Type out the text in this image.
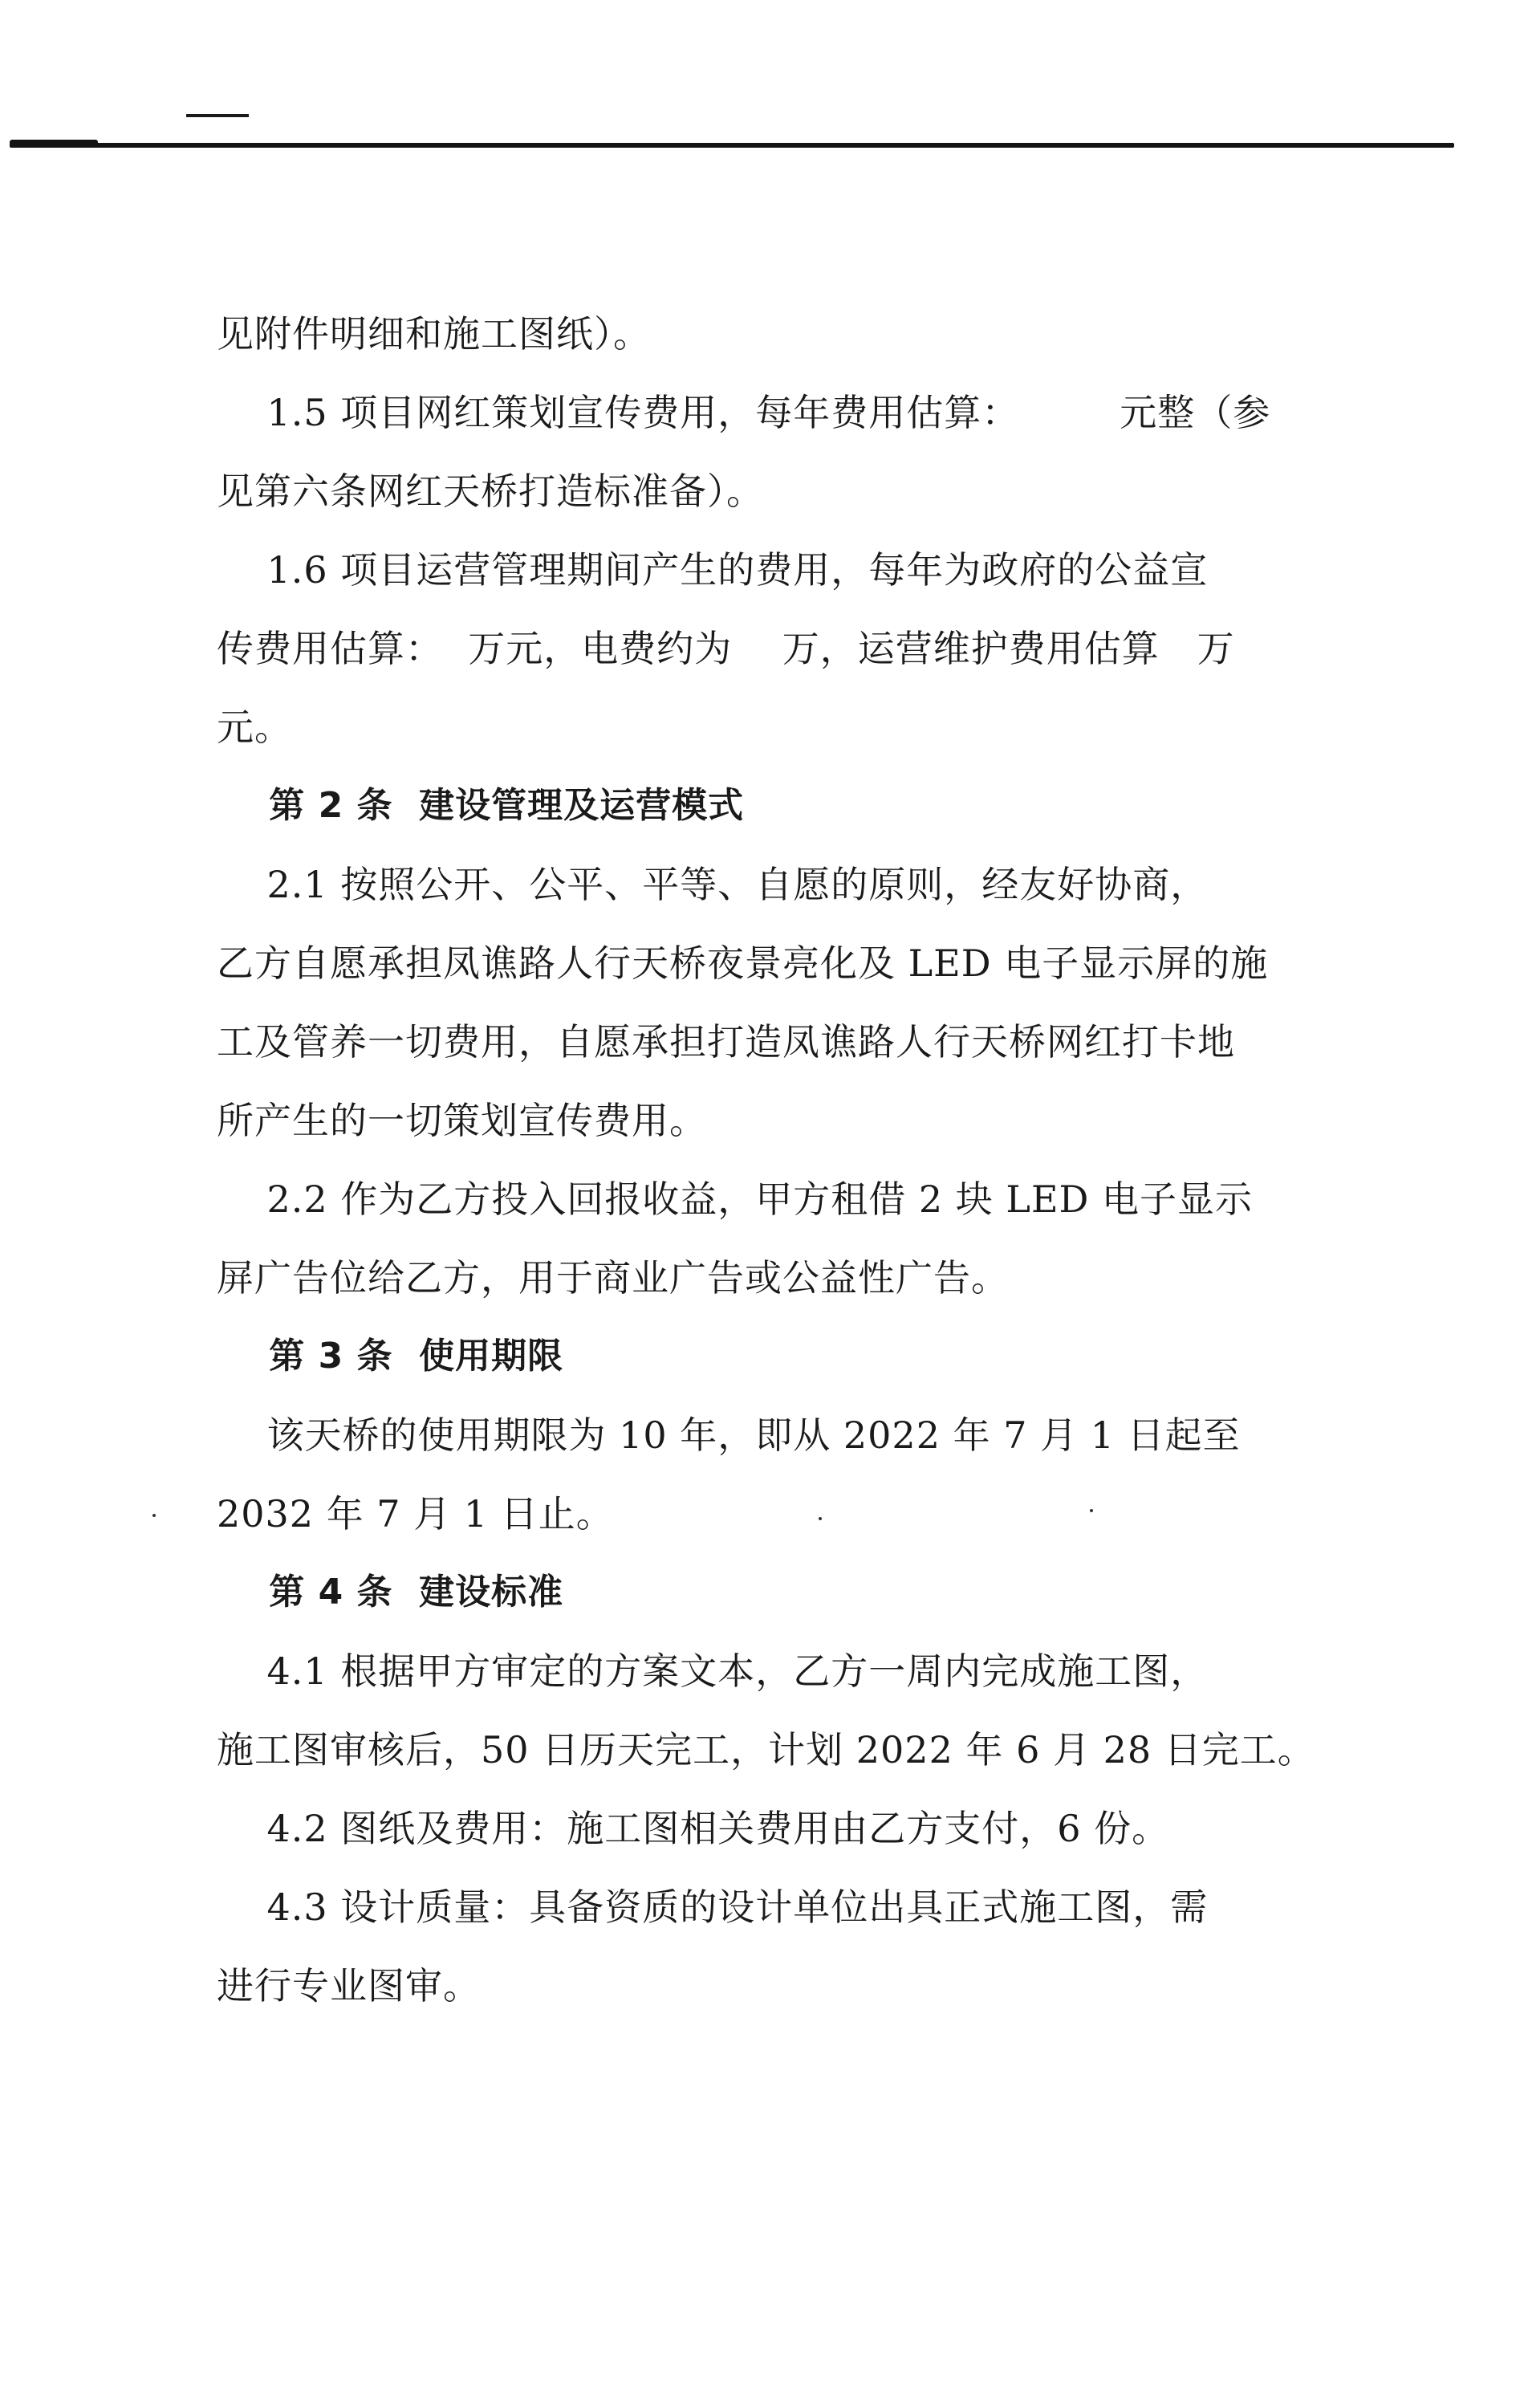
见附件明细和施工图纸）。
1.5 项目网红策划宣传费用，每年费用估算：        元整（参
见第六条网红天桥打造标准备）。
1.6 项目运营管理期间产生的费用，每年为政府的公益宣
传费用估算：  万元，电费约为    万，运营维护费用估算   万
元。
第 2 条  建设管理及运营模式
2.1 按照公开、公平、平等、自愿的原则，经友好协商，
乙方自愿承担凤谯路人行天桥夜景亮化及 LED 电子显示屏的施
工及管养一切费用，自愿承担打造凤谯路人行天桥网红打卡地
所产生的一切策划宣传费用。
2.2 作为乙方投入回报收益，甲方租借 2 块 LED 电子显示
屏广告位给乙方，用于商业广告或公益性广告。
第 3 条  使用期限
该天桥的使用期限为 10 年，即从 2022 年 7 月 1 日起至
2032 年 7 月 1 日止。
第 4 条  建设标准
4.1 根据甲方审定的方案文本，乙方一周内完成施工图，
施工图审核后，50 日历天完工，计划 2022 年 6 月 28 日完工。
4.2 图纸及费用：施工图相关费用由乙方支付，6 份。
4.3 设计质量：具备资质的设计单位出具正式施工图，需
进行专业图审。
